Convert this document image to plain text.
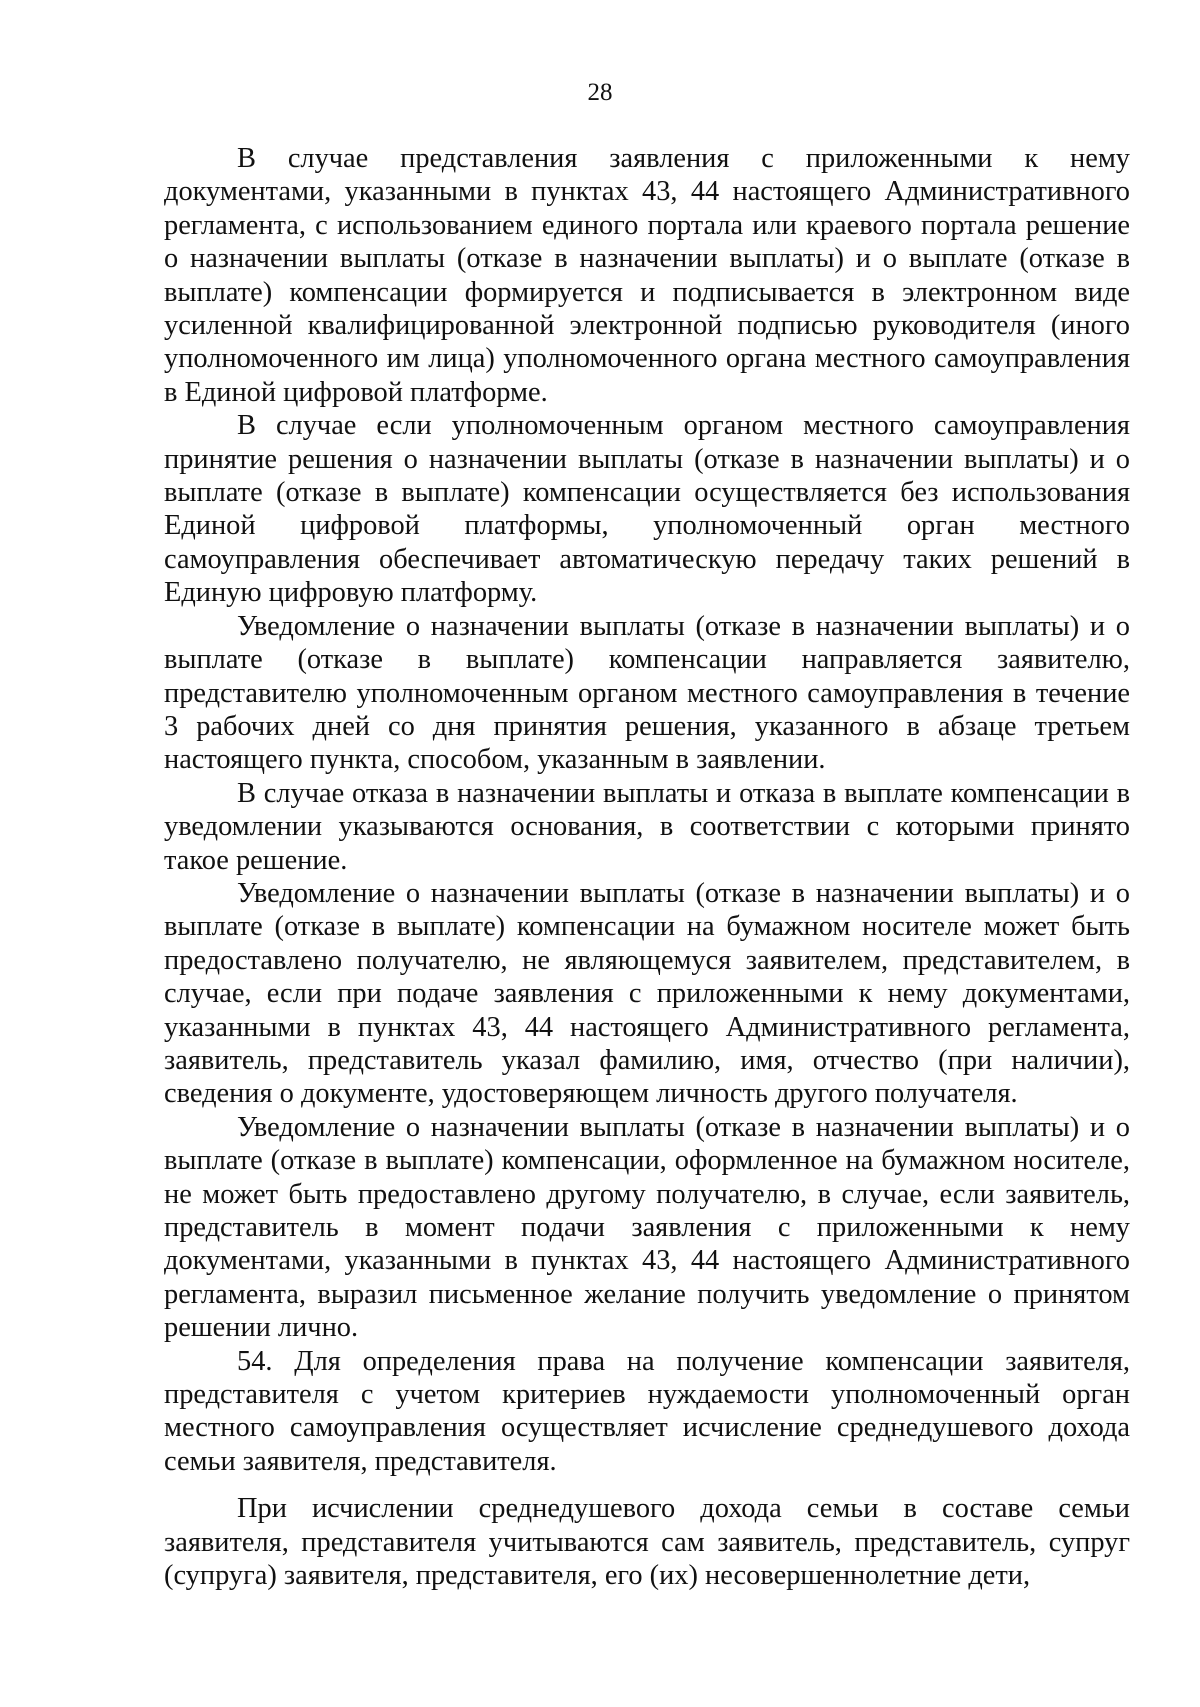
28

В случае представления заявления с приложенными к нему документами, указанными в пунктах 43, 44 настоящего Административного регламента, с использованием единого портала или краевого портала решение о назначении выплаты (отказе в назначении выплаты) и о выплате (отказе в выплате) компенсации формируется и подписывается в электронном виде усиленной квалифицированной электронной подписью руководителя (иного уполномоченного им лица) уполномоченного органа местного самоуправления в Единой цифровой платформе.

В случае если уполномоченным органом местного самоуправления принятие решения о назначении выплаты (отказе в назначении выплаты) и о выплате (отказе в выплате) компенсации осуществляется без использования Единой цифровой платформы, уполномоченный орган местного самоуправления обеспечивает автоматическую передачу таких решений в Единую цифровую платформу.

Уведомление о назначении выплаты (отказе в назначении выплаты) и о выплате (отказе в выплате) компенсации направляется заявителю, представителю уполномоченным органом местного самоуправления в течение 3 рабочих дней со дня принятия решения, указанного в абзаце третьем настоящего пункта, способом, указанным в заявлении.

В случае отказа в назначении выплаты и отказа в выплате компенсации в уведомлении указываются основания, в соответствии с которыми принято такое решение.

Уведомление о назначении выплаты (отказе в назначении выплаты) и о выплате (отказе в выплате) компенсации на бумажном носителе может быть предоставлено получателю, не являющемуся заявителем, представителем, в случае, если при подаче заявления с приложенными к нему документами, указанными в пунктах 43, 44 настоящего Административного регламента, заявитель, представитель указал фамилию, имя, отчество (при наличии), сведения о документе, удостоверяющем личность другого получателя.

Уведомление о назначении выплаты (отказе в назначении выплаты) и о выплате (отказе в выплате) компенсации, оформленное на бумажном носителе, не может быть предоставлено другому получателю, в случае, если заявитель, представитель в момент подачи заявления с приложенными к нему документами, указанными в пунктах 43, 44 настоящего Административного регламента, выразил письменное желание получить уведомление о принятом решении лично.

54. Для определения права на получение компенсации заявителя, представителя с учетом критериев нуждаемости уполномоченный орган местного самоуправления осуществляет исчисление среднедушевого дохода семьи заявителя, представителя.

При исчислении среднедушевого дохода семьи в составе семьи заявителя, представителя учитываются сам заявитель, представитель, супруг (супруга) заявителя, представителя, его (их) несовершеннолетние дети,
